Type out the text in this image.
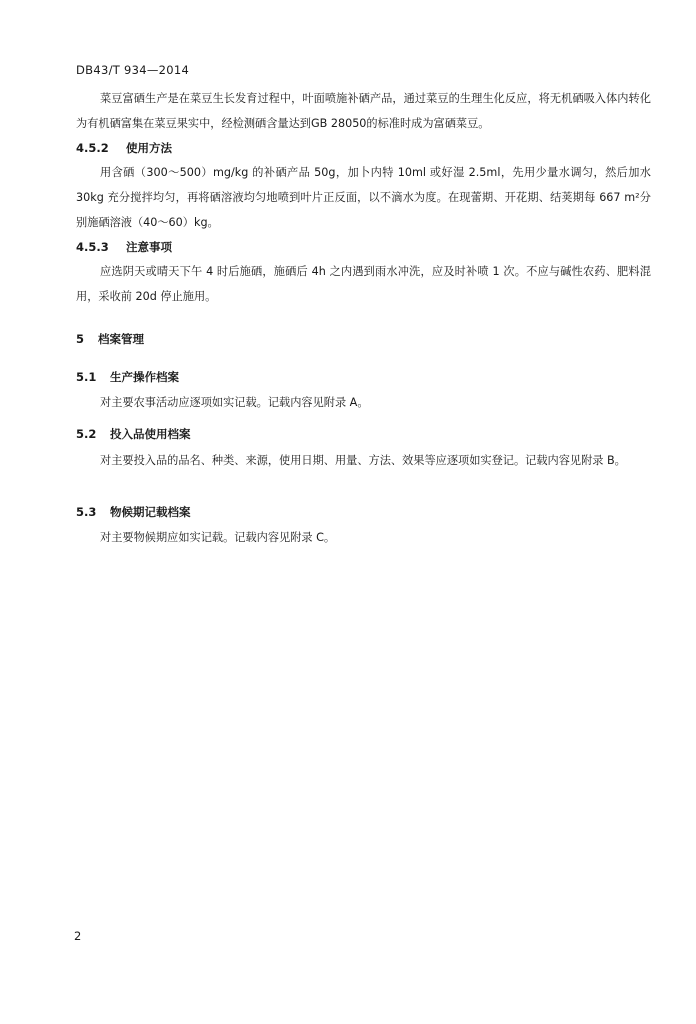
DB43/T 934—2014

菜豆富硒生产是在菜豆生长发育过程中，叶面喷施补硒产品，通过菜豆的生理生化反应，将无机硒吸入体内转化为有机硒富集在菜豆果实中，经检测硒含量达到GB 28050的标准时成为富硒菜豆。

4.5.2 使用方法

用含硒（300～500）mg/kg 的补硒产品 50g，加卜内特 10ml 或好湿 2.5ml，先用少量水调匀，然后加水 30kg 充分搅拌均匀，再将硒溶液均匀地喷到叶片正反面，以不滴水为度。在现蕾期、开花期、结荚期每 667 m²分别施硒溶液（40～60）kg。

4.5.3 注意事项

应选阴天或晴天下午 4 时后施硒，施硒后 4h 之内遇到雨水冲洗，应及时补喷 1 次。不应与碱性农药、肥料混用，采收前 20d 停止施用。

5 档案管理

5.1 生产操作档案

对主要农事活动应逐项如实记载。记载内容见附录 A。

5.2 投入品使用档案

对主要投入品的品名、种类、来源，使用日期、用量、方法、效果等应逐项如实登记。记载内容见附录 B。

5.3 物候期记载档案

对主要物候期应如实记载。记载内容见附录 C。

2
